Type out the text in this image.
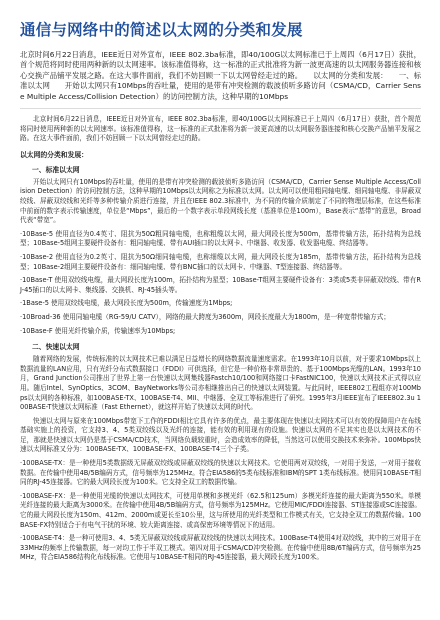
通信与网络中的简述以太网的分类和发展

北京时间6月22日消息，IEEE近日对外宣布，IEEE 802.3ba标准，即40/100G以太网标准已于上周四（6月17日）获批，首个规范将同时使用两种新的以太网速率。该标准值得称，这一标准的正式批准将为新一波更高速的以太网服务器连接和核心交换产品铺平发展之路。在这大事件面前，我们不妨回顾一下以太网曾经走过的路。　　以太网的分类和发展：　　一、标准以太网　　开始以太网只有10Mbps的吞吐量，使用的是带有冲突检测的载波侦听多路访问（CSMA/CD，Carrier Sense Multiple Access/Collision Detection）的访问控制方法，这种早期的10Mbps

北京时间6月22日消息，IEEE近日对外宣布，IEEE 802.3ba标准，即40/100G以太网标准已于上周四（6月17日）获批，首个规范将同时使用两种新的以太网速率。该标准值得称，这一标准的正式批准将为新一波更高速的以太网服务器连接和核心交换产品铺平发展之路。在这大事件面前，我们不妨回顾一下以太网曾经走过的路。

以太网的分类和发展：
一、标准以太网

开始以太网只有10Mbps的吞吐量，使用的是带有冲突检测的载波侦听多路访问（CSMA/CD，Carrier Sense Multiple Access/Collision Detection）的访问控制方法，这种早期的10Mbps以太网称之为标准以太网。以太网可以使用粗同轴电缆、细同轴电缆、非屏蔽双绞线、屏蔽双绞线和光纤等多种传输介质进行连接，并且在IEEE 802.3标准中，为不同的传输介质制定了不同的物理层标准，在这些标准中前面的数字表示传输速度，单位是“Mbps”，最后的一个数字表示单段网线长度（基准单位是100m），Base表示“基带”的意思，Broad代表“带宽”。

·10Base-5 使用直径为0.4英寸、阻抗为50Ω粗同轴电缆，也称粗缆以太网，最大网段长度为500m，基带传输方法，拓扑结构为总线型；10Base-5组网主要硬件设备有：粗同轴电缆、带有AUI插口的以太网卡、中继器、收发器、收发器电缆、终结器等。

·10Base-2 使用直径为0.2英寸、阻抗为50Ω细同轴电缆，也称细缆以太网，最大网段长度为185m，基带传输方法，拓扑结构为总线型；10Base-2组网主要硬件设备有：细同轴电缆、带有BNC插口的以太网卡、中继器、T型连接器、终结器等。

·10Base-T 使用双绞线电缆，最大网段长度为100m，拓扑结构为星型；10Base-T组网主要硬件设备有：3类或5类非屏蔽双绞线、带有RJ-45插口的以太网卡、集线器、交换机、RJ-45插头等。

·1Base-5 使用双绞线电缆，最大网段长度为500m，传输速度为1Mbps;

·10Broad-36 使用同轴电缆（RG-59/U CATV），网络的最大跨度为3600m，网段长度最大为1800m，是一种宽带传输方式；

·10Base-F 使用光纤传输介质，传输速率为10Mbps;

二、快速以太网

随着网络的发展，传统标准的以太网技术已难以满足日益增长的网络数据流量速度需求。在1993年10月以前，对于要求10Mbps以上数据流量的LAN应用，只有光纤分布式数据接口（FDDI）可供选择，但它是一种价格非常昂贵的、基于100Mbps光缆的LAN。1993年10月，Grand Junction公司推出了世界上第一台快速以太网集线器Fastch10/100和网络接口卡FastNIC100，快速以太网技术正式得以应用。随后Intel、SynOptics、3COM、BayNetworks等公司亦相继推出自己的快速以太网装置。与此同时，IEEE802工程组亦对100Mbps以太网的各种标准，如100BASE-TX、100BASE-T4、MII、中继器、全双工等标准进行了研究。1995年3月IEEE宣布了IEEE802.3u 100BASE-T快速以太网标准（Fast Ethernet），就这样开始了快速以太网的时代。

快速以太网与原来在100Mbps带宽下工作的FDDI相比它具有许多的优点，最主要体现在快速以太网技术可以有效的保障用户在布线基础实施上的投资，它支持3、4、5类双绞线以及光纤的连接，能有效的利用现有的设施。快速以太网的不足其实也是以太网技术的不足，那就是快速以太网仍是基于CSMA/CD技术，当网络负载较重时，会造成效率的降低，当然这可以使用交换技术来弥补。100Mbps快速以太网标准又分为：100BASE-TX、100BASE-FX、100BASE-T4三个子类。

·100BASE-TX：是一种使用5类数据级无屏蔽双绞线或屏蔽双绞线的快速以太网技术。它使用两对双绞线，一对用于发送，一对用于接收数据。在传输中使用4B/5B编码方式，信号频率为125MHz。符合EIA586的5类布线标准和IBM的SPT 1类布线标准。使用同10BASE-T相同的RJ-45连接器。它的最大网段长度为100米。它支持全双工的数据传输。

·100BASE-FX：是一种使用光缆的快速以太网技术，可使用单模和多模光纤（62.5和125um）多模光纤连接的最大距离为550米。单模光纤连接的最大距离为3000米。在传输中使用4B/5B编码方式，信号频率为125MHz。它使用MIC/FDDI连接器、ST连接器或SC连接器。它的最大网段长度为150m、412m、2000m或更长至10公里，这与所使用的光纤类型和工作模式有关，它支持全双工的数据传输。100BASE-FX特别适合于有电气干扰的环境、较大距离连接、或高保密环境等情况下的适用。

·100BASE-T4：是一种可使用3、4、5类无屏蔽双绞线或屏蔽双绞线的快速以太网技术。100Base-T4使用4对双绞线，其中的三对用于在33MHz的频率上传输数据，每一对均工作于半双工模式。第四对用于CSMA/CD冲突检测。在传输中使用8B/6T编码方式，信号频率为25MHz，符合EIA586结构化布线标准。它使用与10BASE-T相同的RJ-45连接器，最大网段长度为100米。
